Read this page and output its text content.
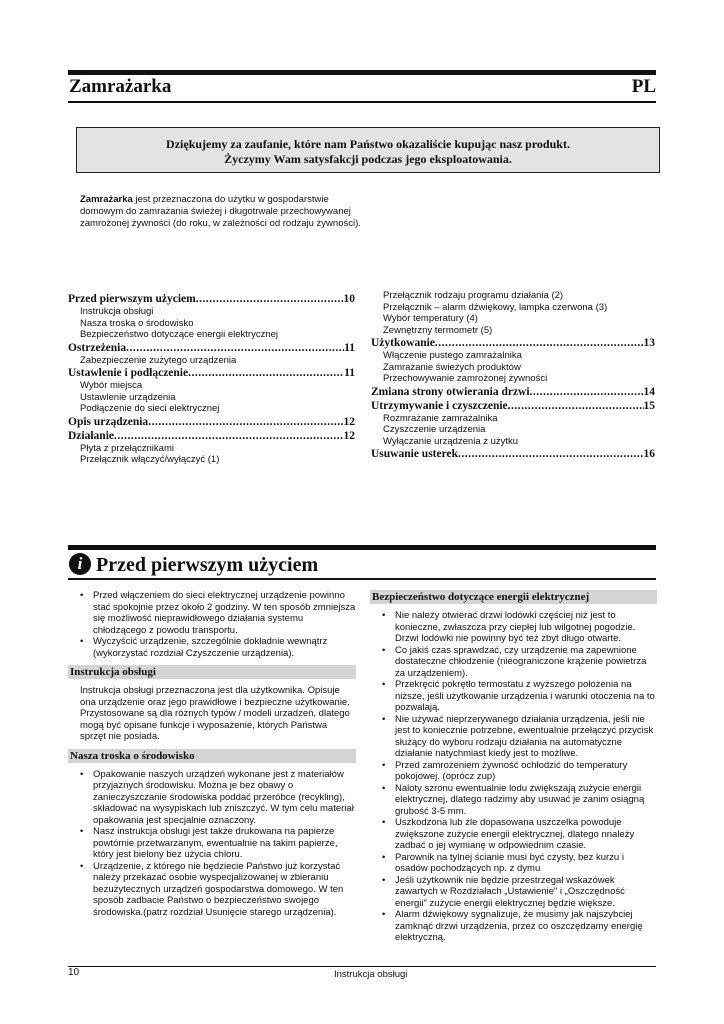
Zamrażarka	PL
Dziękujemy za zaufanie, które nam Państwo okazaliście kupując nasz produkt.
Życzymy Wam satysfakcji podczas jego eksploatowania.
Zamrażarka jest przeznaczona do użytku w gospodarstwie domowym do zamrażania świeżej i długotrwale przechowywanej zamrożonej żywności (do roku, w zależności od rodzaju żywności).
Przed pierwszym użyciem .....	10
Instrukcja obsługi
Nasza troska o środowisko
Bezpieczeństwo dotyczące energii elektrycznej
Ostrzeżenia .....	11
Zabezpieczenie zużytego urządzenia
Ustawlenie i podłączenie .....	11
Wybór miejsca
Ustawlenie urządzenia
Podłączenie do sieci elektrycznej
Opis urządzenia .....	12
Działanie .....	12
Płyta z przełącznikami
Przełącznik włączyć/wyłączyć (1)
Przełącznik rodzaju programu działania (2)
Przełącznik – alarm dźwiękowy, lampka czerwona (3)
Wybór temperatury (4)
Zewnętrzny termometr (5)
Użytkowanie .....	13
Włączenie pustego zamrażalnika
Zamrażanie świeżych produktów
Przechowywanie zamrożonej żywności
Zmiana strony otwierania drzwi .....	14
Utrzymywanie i czyszczenie .....	15
Rozmrażanie zamrażalnika
Czyszczenie urządzenia
Wyłączanie urządzenia z użytku
Usuwanie usterek .....	16
i Przed pierwszym użyciem
• Przed włączeniem do sieci elektrycznej urządzenie powinno stać spokojnie przez około 2 godziny. W ten sposób zmniejsza się możliwość nieprawidłowego działania systemu chłodzącego z powodu transportu.
• Wyczyścić urządzenie, szczególnie dokładnie wewnątrz (wykorzystać rozdział Czyszczenie urządzenia).
Instrukcja obsługi
Instrukcja obsługi przeznaczona jest dla użytkownika. Opisuje ona urządzenie oraz jego prawidłowe i bezpieczne użytkowanie. Przystosowane są dla różnych typów / modeli urzadzeń, dlatego mogą być opisane funkcje i wyposażenie, których Państwa sprzęt nie posiada.
Nasza troska o środowisko
• Opakowanie naszych urządzeń wykonane jest z materiałów przyjaznych środowisku. Można je bez obawy o zanieczyszczanie środowiska poddać przeróbce (recykling), składować na wysypiskach lub zniszczyć. W tym celu materiał opakowania jest specjalnie oznaczony.
• Nasz instrukcja obsługi jest także drukowana na papierze powtórnie przetwarzanym, ewentualnie na takim papierze, który jest bielony bez użycia chloru.
• Urządzenie, z którego nie będziecie Państwo już korzystać należy przekazać osobie wyspecjalizowanej w zbieraniu bezużytecznych urządzeń gospodarstwa domowego. W ten sposób zadbacie Państwo o bezpieczeństwo swojego środowiska.(patrz rozdział Usunięcie starego urządzenia).
Bezpieczeństwo dotyczące energii elektrycznej
• Nie należy otwierać drzwi lodówki częściej niż jest to konieczne, zwłaszcza przy ciepłej lub wilgotnej pogodzie. Drzwi lodówki nie powinny być też zbyt długo otwarte.
• Co jakiś czas sprawdzać, czy urządzenie ma zapewnione dostateczne chłodzenie (nieograniczone krążenie powietrza za urządzeniem).
• Przekręcić pokrętło termostatu z wyższego położenia na niższe, jeśli użytkowanie urządzenia i warunki otoczenia na to pozwalają.
• Nie używać nieprzerywanego działania urządzenia, jeśli nie jest to koniecznie potrzebne, ewentualnie przełączyć przycisk służący do wyboru rodzaju działania na automatyczne działanie natychmiast kiedy jest to możliwe.
• Przed zamrożeniem żywność ochłodzić do temperatury pokojowej. (oprócz zup)
• Naloty szronu ewentualnie lodu zwiększają zużycie energii elektrycznej, dlatego radzimy aby usuwać je zanim osiągną grubość 3-5 mm.
• Uszkodzona lub źle dopasowana uszczelka powoduje zwiększone zużycie energii elektrycznej, dlatego nnależy zadbać o jej wymianę w odpowiednim czasie.
• Parownik na tylnej ścianie musi być czysty, bez kurzu i osadów pochodzących np. z dymu
• Jeśli użytkownik nie będzie przestrzegał wskazówek zawartych w Rozdziałach „Ustawienie" i „Oszczędność energii" zużycie energii elektrycznej będzie większe.
• Alarm dźwiękowy sygnalizuje, że musimy jak najszybciej zamknąć drzwi urządzenia, przez co oszczędzamy energię elektryczną.
10	Instrukcja obsługi
